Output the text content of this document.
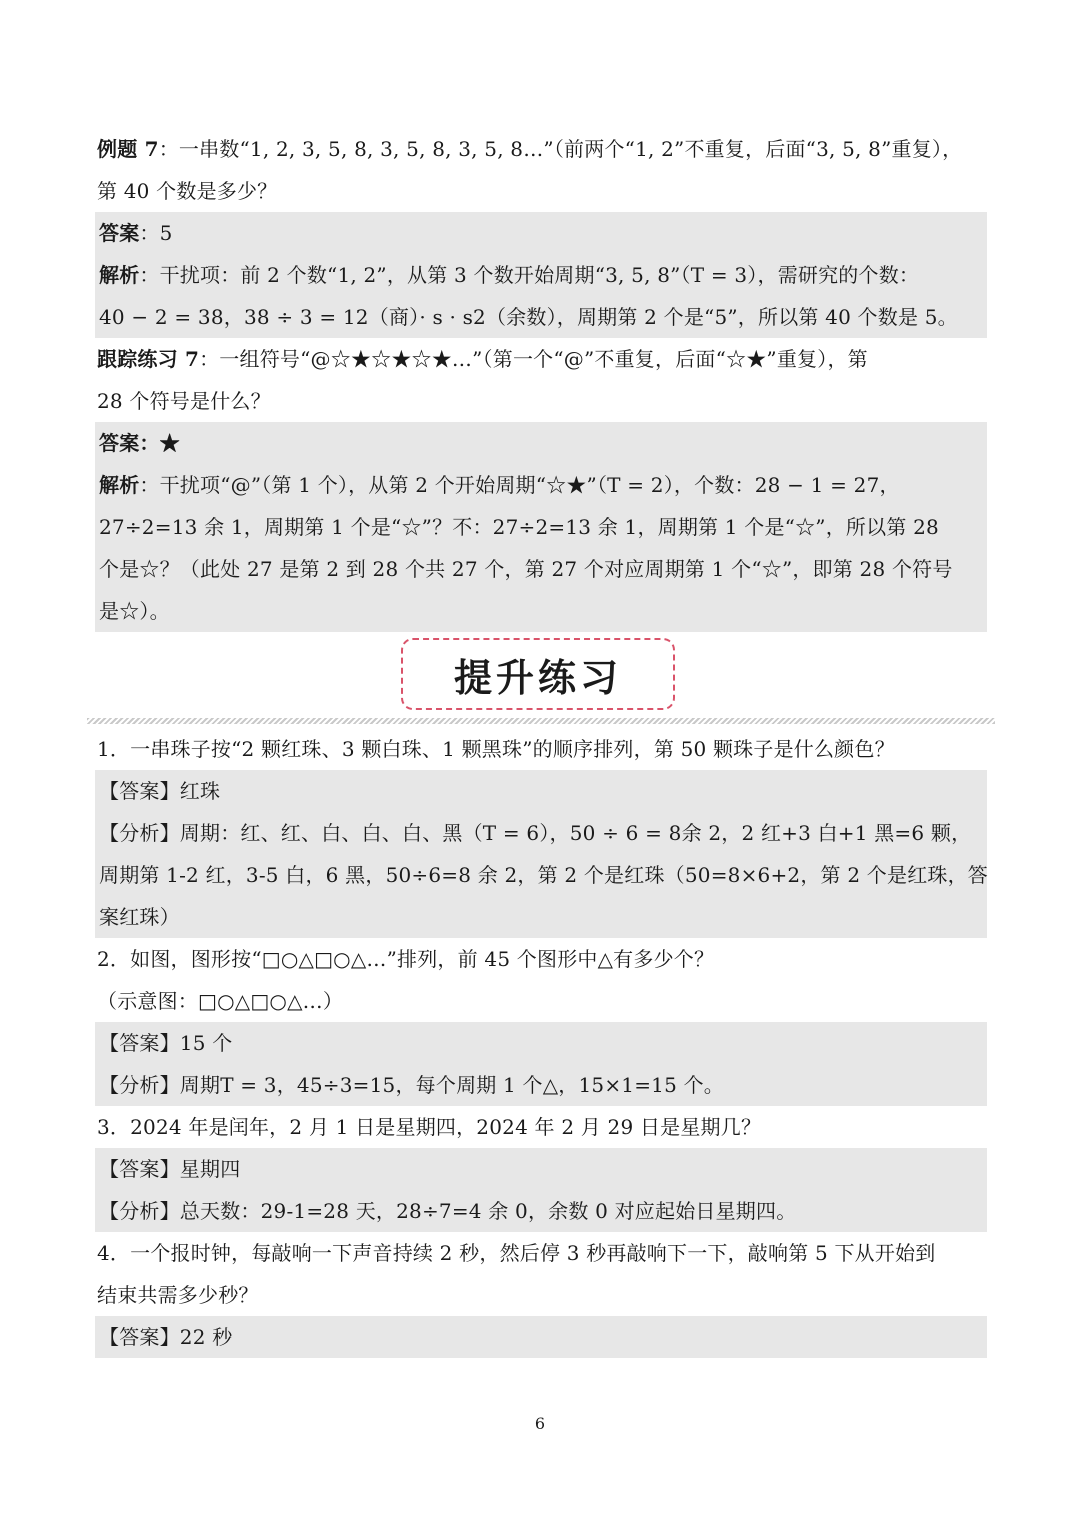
例题 7：一串数“1, 2, 3, 5, 8, 3, 5, 8, 3, 5, 8…”（前两个“1, 2”不重复，后面“3, 5, 8”重复），
第 40 个数是多少？
答案：5
解析：干扰项：前 2 个数“1, 2”，从第 3 个数开始周期“3, 5, 8”（T = 3），需研究的个数：
40 − 2 = 38，38 ÷ 3 = 12（商）· s · s2（余数），周期第 2 个是“5”，所以第 40 个数是 5。
跟踪练习 7：一组符号“@☆★☆★☆★…”（第一个“@”不重复，后面“☆★”重复），第
28 个符号是什么？
答案：★
解析：干扰项“@”（第 1 个），从第 2 个开始周期“☆★”（T = 2），个数：28 − 1 = 27，
27÷2=13 余 1，周期第 1 个是“☆”？不：27÷2=13 余 1，周期第 1 个是“☆”，所以第 28
个是☆？（此处 27 是第 2 到 28 个共 27 个，第 27 个对应周期第 1 个“☆”，即第 28 个符号
是☆）。
提升练习
1．一串珠子按“2 颗红珠、3 颗白珠、1 颗黑珠”的顺序排列，第 50 颗珠子是什么颜色？
【答案】红珠
【分析】周期：红、红、白、白、白、黑（T = 6），50 ÷ 6 = 8余 2，2 红+3 白+1 黑=6 颗，
周期第 1-2 红，3-5 白，6 黑，50÷6=8 余 2，第 2 个是红珠（50=8×6+2，第 2 个是红珠，答
案红珠）
2．如图，图形按“□○△□○△…”排列，前 45 个图形中△有多少个？
（示意图：□○△□○△…）
【答案】15 个
【分析】周期T = 3，45÷3=15，每个周期 1 个△，15×1=15 个。
3．2024 年是闰年，2 月 1 日是星期四，2024 年 2 月 29 日是星期几？
【答案】星期四
【分析】总天数：29-1=28 天，28÷7=4 余 0，余数 0 对应起始日星期四。
4．一个报时钟，每敲响一下声音持续 2 秒，然后停 3 秒再敲响下一下，敲响第 5 下从开始到
结束共需多少秒？
【答案】22 秒
6
